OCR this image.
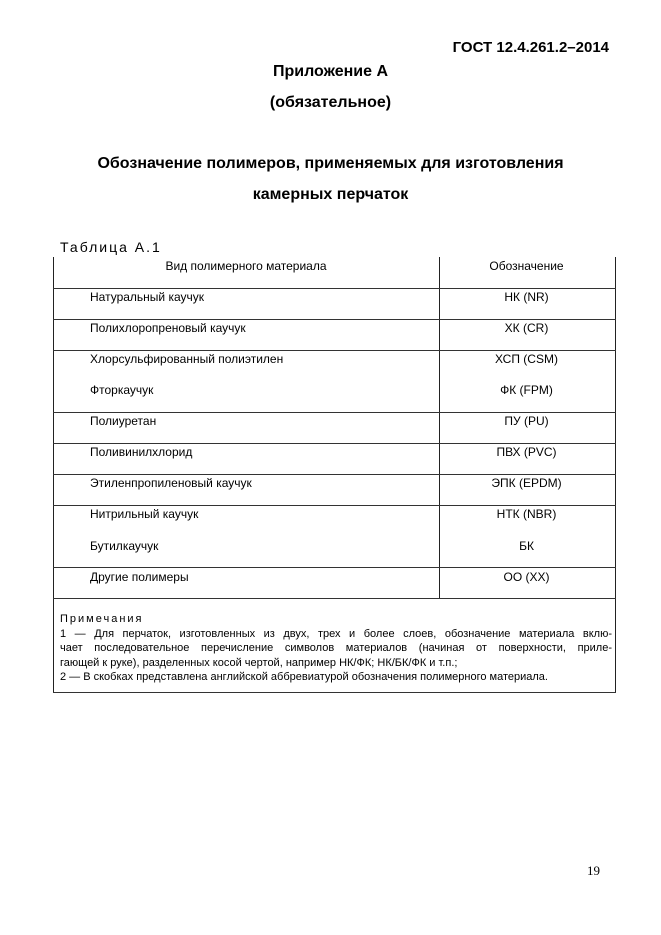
ГОСТ 12.4.261.2–2014
Приложение А
(обязательное)
Обозначение полимеров, применяемых для изготовления
камерных перчаток
Таблица А.1
Вид полимерного материала	Обозначение
Натуральный каучук	НК (NR)
Полихлоропреновый каучук	ХК (CR)
Хлорсульфированный полиэтилен	ХСП (CSM)
Фторкаучук	ФК (FPM)
Полиуретан	ПУ (PU)
Поливинилхлорид	ПВХ (PVC)
Этиленпропиленовый каучук	ЭПК (EPDM)
Нитрильный каучук	НТК (NBR)
Бутилкаучук	БК
Другие полимеры	ОО (ХХ)
Примечания
1 — Для перчаток, изготовленных из двух, трех и более слоев, обозначение материала вклю-
чает последовательное перечисление символов материалов (начиная от поверхности, приле-
гающей к руке), разделенных косой чертой, например НК/ФК; НК/БК/ФК и т.п.;
2 — В скобках представлена английской аббревиатурой обозначения полимерного материала.
19
